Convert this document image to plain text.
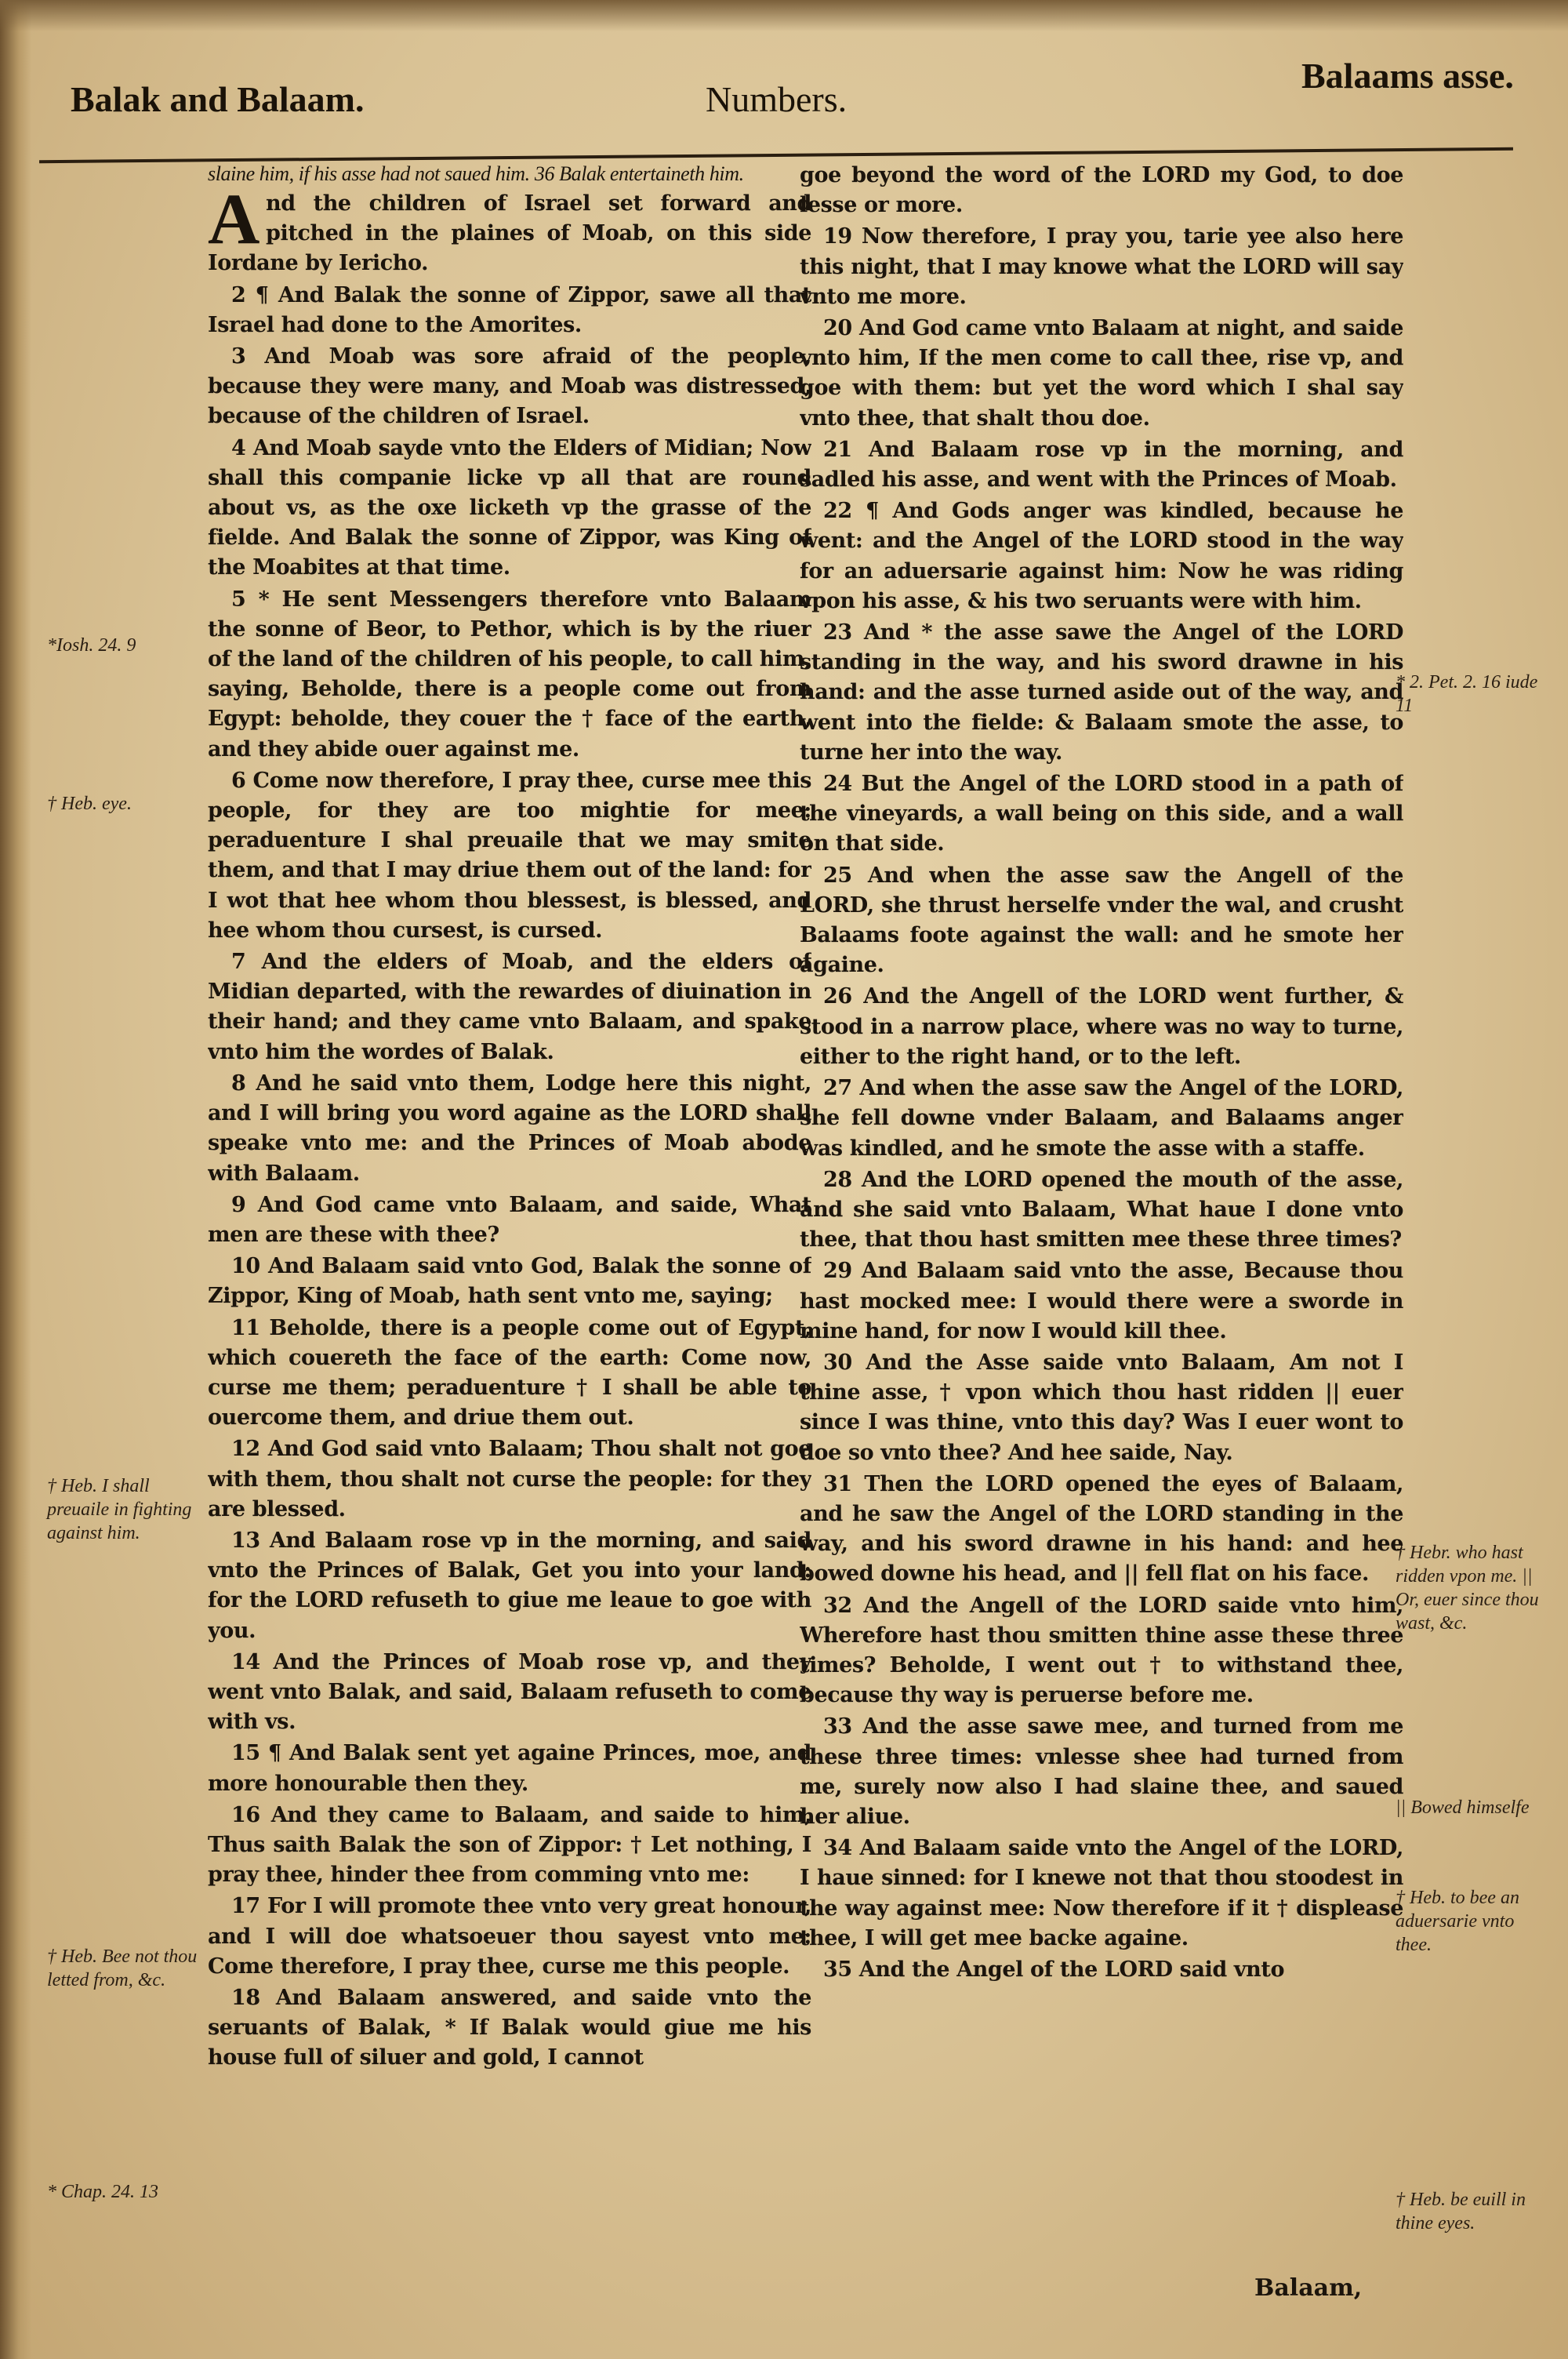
Balak and Balaam.	Numbers.
Balaams asse.
*Iosh. 24. 9
† Heb. eye.
† Heb. I shall preuaile in fighting against him.
† Heb. Bee not thou letted from, &c.
* Chap. 24. 13
* 2. Pet. 2. 16 iude 11
† Hebr. who hast ridden vpon me. || Or, euer since thou wast, &c.
|| Bowed himselfe
† Heb. to bee an aduersarie vnto thee.
† Heb. be euill in thine eyes.

slaine him, if his asse had not saued him. 36 Balak entertaineth him.

And the children of Israel set forward and pitched in the plaines of Moab, on this side Iordane by Iericho.

2 ¶ And Balak the sonne of Zippor, sawe all that Israel had done to the Amorites.

3 And Moab was sore afraid of the people, because they were many, and Moab was distressed, because of the children of Israel.

4 And Moab sayde vnto the Elders of Midian; Now shall this companie licke vp all that are round about vs, as the oxe licketh vp the grasse of the fielde. And Balak the sonne of Zippor, was King of the Moabites at that time.

5 * He sent Messengers therefore vnto Balaam the sonne of Beor, to Pethor, which is by the riuer of the land of the children of his people, to call him, saying, Beholde, there is a people come out from Egypt: beholde, they couer the † face of the earth, and they abide ouer against me.

6 Come now therefore, I pray thee, curse mee this people, for they are too mightie for mee: peraduenture I shal preuaile that we may smite them, and that I may driue them out of the land: for I wot that hee whom thou blessest, is blessed, and hee whom thou cursest, is cursed.

7 And the elders of Moab, and the elders of Midian departed, with the rewardes of diuination in their hand; and they came vnto Balaam, and spake vnto him the wordes of Balak.

8 And he said vnto them, Lodge here this night, and I will bring you word againe as the LORD shall speake vnto me: and the Princes of Moab abode with Balaam.

9 And God came vnto Balaam, and saide, What men are these with thee?

10 And Balaam said vnto God, Balak the sonne of Zippor, King of Moab, hath sent vnto me, saying;

11 Beholde, there is a people come out of Egypt, which couereth the face of the earth: Come now, curse me them; peraduenture † I shall be able to ouercome them, and driue them out.

12 And God said vnto Balaam; Thou shalt not goe with them, thou shalt not curse the people: for they are blessed.

13 And Balaam rose vp in the morning, and said vnto the Princes of Balak, Get you into your land: for the LORD refuseth to giue me leaue to goe with you.

14 And the Princes of Moab rose vp, and they went vnto Balak, and said, Balaam refuseth to come with vs.

15 ¶ And Balak sent yet againe Princes, moe, and more honourable then they.

16 And they came to Balaam, and saide to him, Thus saith Balak the son of Zippor: † Let nothing, I pray thee, hinder thee from comming vnto me:

17 For I will promote thee vnto very great honour, and I will doe whatsoeuer thou sayest vnto me: Come therefore, I pray thee, curse me this people.

18 And Balaam answered, and saide vnto the seruants of Balak, * If Balak would giue me his house full of siluer and gold, I cannot

goe beyond the word of the LORD my God, to doe lesse or more.

19 Now therefore, I pray you, tarie yee also here this night, that I may knowe what the LORD will say vnto me more.

20 And God came vnto Balaam at night, and saide vnto him, If the men come to call thee, rise vp, and goe with them: but yet the word which I shal say vnto thee, that shalt thou doe.

21 And Balaam rose vp in the morning, and sadled his asse, and went with the Princes of Moab.

22 ¶ And Gods anger was kindled, because he went: and the Angel of the LORD stood in the way for an aduersarie against him: Now he was riding vpon his asse, & his two seruants were with him.

23 And * the asse sawe the Angel of the LORD standing in the way, and his sword drawne in his hand: and the asse turned aside out of the way, and went into the fielde: & Balaam smote the asse, to turne her into the way.

24 But the Angel of the LORD stood in a path of the vineyards, a wall being on this side, and a wall on that side.

25 And when the asse saw the Angell of the LORD, she thrust herselfe vnder the wal, and crusht Balaams foote against the wall: and he smote her againe.

26 And the Angell of the LORD went further, & stood in a narrow place, where was no way to turne, either to the right hand, or to the left.

27 And when the asse saw the Angel of the LORD, she fell downe vnder Balaam, and Balaams anger was kindled, and he smote the asse with a staffe.

28 And the LORD opened the mouth of the asse, and she said vnto Balaam, What haue I done vnto thee, that thou hast smitten mee these three times?

29 And Balaam said vnto the asse, Because thou hast mocked mee: I would there were a sworde in mine hand, for now I would kill thee.

30 And the Asse saide vnto Balaam, Am not I thine asse, † vpon which thou hast ridden || euer since I was thine, vnto this day? Was I euer wont to doe so vnto thee? And hee saide, Nay.

31 Then the LORD opened the eyes of Balaam, and he saw the Angel of the LORD standing in the way, and his sword drawne in his hand: and hee bowed downe his head, and || fell flat on his face.

32 And the Angell of the LORD saide vnto him, Wherefore hast thou smitten thine asse these three times? Beholde, I went out † to withstand thee, because thy way is peruerse before me.

33 And the asse sawe mee, and turned from me these three times: vnlesse shee had turned from me, surely now also I had slaine thee, and saued her aliue.

34 And Balaam saide vnto the Angel of the LORD, I haue sinned: for I knewe not that thou stoodest in the way against mee: Now therefore if it † displease thee, I will get mee backe againe.

35 And the Angel of the LORD said vnto

Balaam,
